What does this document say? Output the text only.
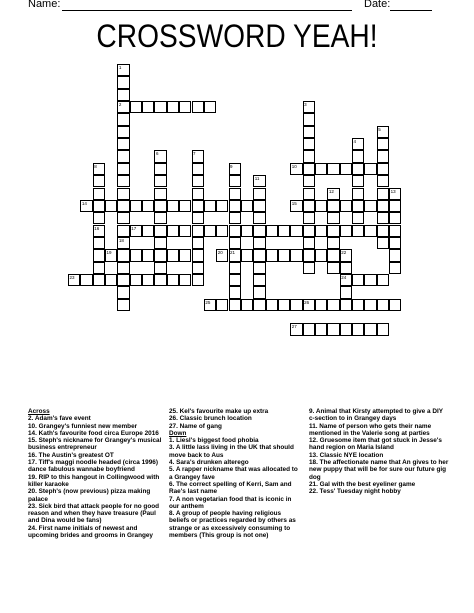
Name:	Date:
CROSSWORD YEAH!
1
2	3
4
5
6	7
8	9	10
11
12	13
14	15
16	17
18
19	20 21	22
23	24
25	26
27
Across
2. Adam's fave event
10. Grangey's funniest new member
14. Kath's favourite food circa Europe 2016
15. Steph's nickname for Grangey's musical business entrepreneur
16. The Austin's greatest OT
17. Tiff's maggi noodle headed (circa 1996) dance fabulous wannabe boyfriend
19. RIP to this hangout in Collingwood with killer karaoke
20. Steph's (now previous) pizza making palace
23. Sick bird that attack people for no good reason and when they have treasure (Paul and Dina would be fans)
24. First name initials of newest and upcoming brides and grooms in Grangey
25. Kel's favourite make up extra
26. Classic brunch location
27. Name of gang
Down
1. Liesl's biggest food phobia
3. A little lass living in the UK that should move back to Aus
4. Sara's drunken alterego
5. A rapper nickname that was allocated to a Grangey fave
6. The correct spelling of Kerri, Sam and Rae's last name
7. A non vegetarian food that is iconic in our anthem
8. A group of people having religious beliefs or practices regarded by others as strange or as excessively consuming to members (This group is not one)
9. Animal that Kirsty attempted to give a DIY c-section to in Grangey days
11. Name of person who gets their name mentioned in the Valerie song at parties
12. Gruesome item that got stuck in Jesse's hand region on Maria Island
13. Classic NYE location
18. The affectionate name that An gives to her new puppy that will be for sure our future gig dog
21. Gal with the best eyeliner game
22. Tess' Tuesday night hobby
